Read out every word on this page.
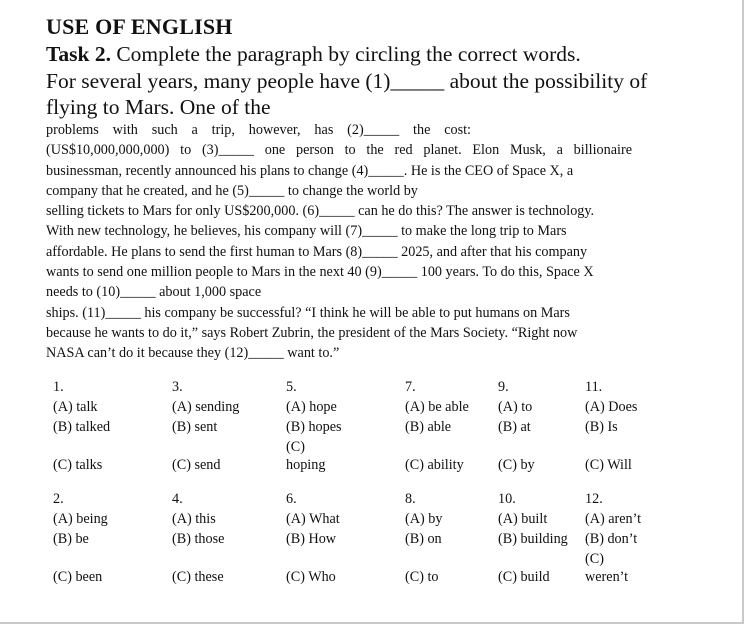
USE OF ENGLISH
Task 2. Complete the paragraph by circling the correct words.
For several years, many people have (1)_____ about the possibility of
flying to Mars. One of the
problems with such a trip, however, has (2)_____ the cost:
(US$10,000,000,000) to (3)_____ one person to the red planet. Elon Musk, a billionaire
businessman, recently announced his plans to change (4)_____. He is the CEO of Space X, a
company that he created, and he (5)_____ to change the world by
selling tickets to Mars for only US$200,000. (6)_____ can he do this? The answer is technology.
With new technology, he believes, his company will (7)_____ to make the long trip to Mars
affordable. He plans to send the first human to Mars (8)_____ 2025, and after that his company
wants to send one million people to Mars in the next 40 (9)_____ 100 years. To do this, Space X
needs to (10)_____ about 1,000 space
ships. (11)_____ his company be successful? “I think he will be able to put humans on Mars
because he wants to do it,” says Robert Zubrin, the president of the Mars Society. “Right now
NASA can’t do it because they (12)_____ want to.”
1.
(A) talk
(B) talked
(C) talks
3.
(A) sending
(B) sent
(C) send
5.
(A) hope
(B) hopes
(C)
hoping
7.
(A) be able
(B) able
(C) ability
9.
(A) to
(B) at
(C) by
11.
(A) Does
(B) Is
(C) Will
2.
(A) being
(B) be
(C) been
4.
(A) this
(B) those
(C) these
6.
(A) What
(B) How
(C) Who
8.
(A) by
(B) on
(C) to
10.
(A) built
(B) building
(C) build
12.
(A) aren’t
(B) don’t
(C)
weren’t
